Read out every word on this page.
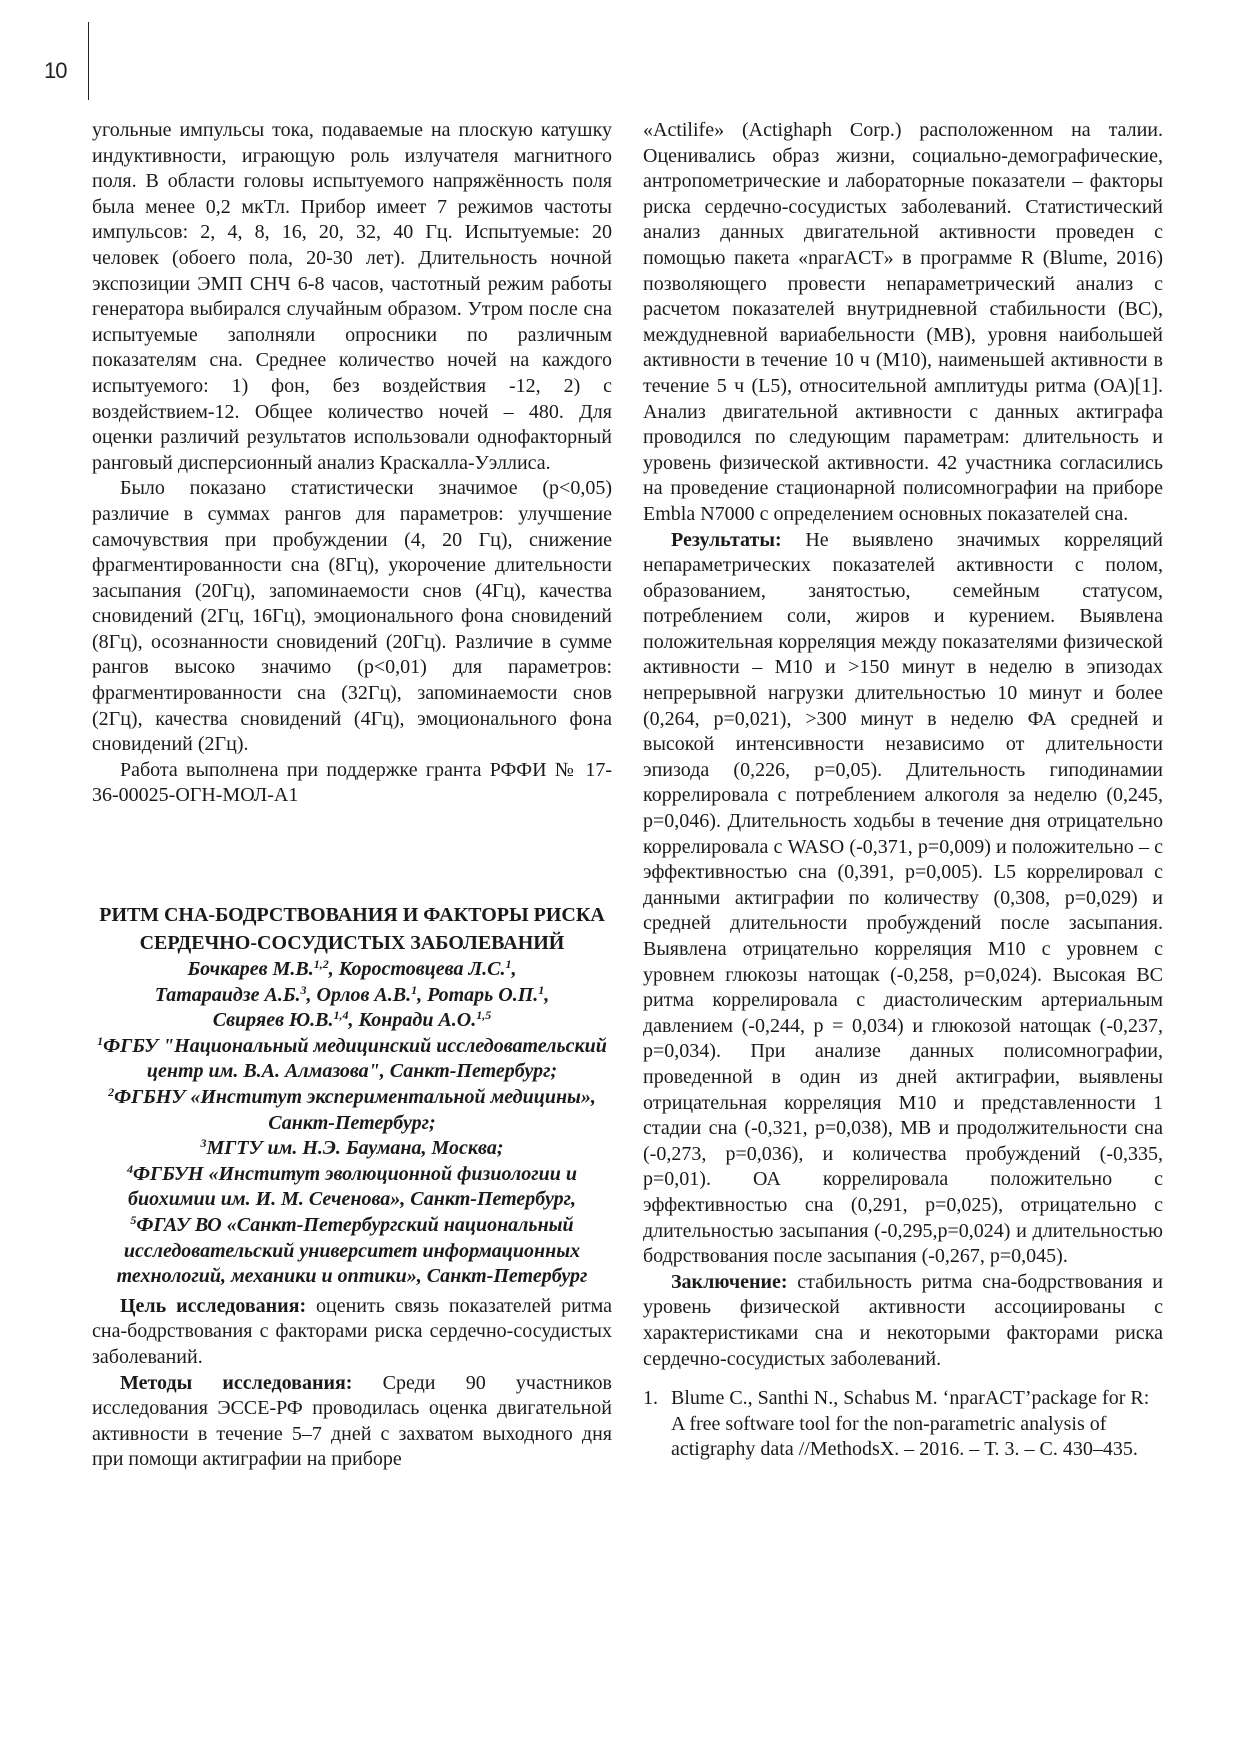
10

угольные импульсы тока, подаваемые на плоскую катушку индуктивности, играющую роль излучателя магнитного поля. В области головы испытуемого напряжённость поля была менее 0,2 мкТл. Прибор имеет 7 режимов частоты импульсов: 2, 4, 8, 16, 20, 32, 40 Гц. Испытуемые: 20 человек (обоего пола, 20-30 лет). Длительность ночной экспозиции ЭМП СНЧ 6-8 часов, частотный режим работы генератора выбирался случайным образом. Утром после сна испытуемые заполняли опросники по различным показателям сна. Среднее количество ночей на каждого испытуемого: 1) фон, без воздействия -12, 2) с воздействием-12. Общее количество ночей – 480. Для оценки различий результатов использовали однофакторный ранговый дисперсионный анализ Краскалла-Уэллиса.

Было показано статистически значимое (p<0,05) различие в суммах рангов для параметров: улучшение самочувствия при пробуждении (4, 20 Гц), снижение фрагментированности сна (8Гц), укорочение длительности засыпания (20Гц), запоминаемости снов (4Гц), качества сновидений (2Гц, 16Гц), эмоционального фона сновидений (8Гц), осознанности сновидений (20Гц). Различие в сумме рангов высоко значимо (p<0,01) для параметров: фрагментированности сна (32Гц), запоминаемости снов (2Гц), качества сновидений (4Гц), эмоционального фона сновидений (2Гц).

Работа выполнена при поддержке гранта РФФИ № 17-36-00025-ОГН-МОЛ-А1

РИТМ СНА-БОДРСТВОВАНИЯ И ФАКТОРЫ РИСКА СЕРДЕЧНО-СОСУДИСТЫХ ЗАБОЛЕВАНИЙ
Бочкарев М.В.$^{1,2}$, Коростовцева Л.С.$^1$,
Татараидзе А.Б.$^3$, Орлов А.В.$^1$, Ротарь О.П.$^1$,
Свиряев Ю.В.$^{1,4}$, Конради А.О.$^{1,5}$
$^1$ФГБУ "Национальный медицинский исследовательский центр им. В.А. Алмазова", Санкт-Петербург;
$^2$ФГБНУ «Институт экспериментальной медицины», Санкт-Петербург;
$^3$МГТУ им. Н.Э. Баумана, Москва;
$^4$ФГБУН «Институт эволюционной физиологии и биохимии им. И. М. Сеченова», Санкт-Петербург,
$^5$ФГАУ ВО «Санкт-Петербургский национальный исследовательский университет информационных технологий, механики и оптики», Санкт-Петербург

Цель исследования: оценить связь показателей ритма сна-бодрствования с факторами риска сердечно-сосудистых заболеваний.

Методы исследования: Среди 90 участников исследования ЭССЕ-РФ проводилась оценка двигательной активности в течение 5–7 дней с захватом выходного дня при помощи актиграфии на приборе

«Actilife» (Actighaph Corp.) расположенном на талии. Оценивались образ жизни, социально-демографические, антропометрические и лабораторные показатели – факторы риска сердечно-сосудистых заболеваний. Статистический анализ данных двигательной активности проведен с помощью пакета «nparACT» в программе R (Blume, 2016) позволяющего провести непараметрический анализ с расчетом показателей внутридневной стабильности (ВС), междудневной вариабельности (МВ), уровня наибольшей активности в течение 10 ч (М10), наименьшей активности в течение 5 ч (L5), относительной амплитуды ритма (ОА)[1]. Анализ двигательной активности с данных актиграфа проводился по следующим параметрам: длительность и уровень физической активности. 42 участника согласились на проведение стационарной полисомнографии на приборе Embla N7000 с определением основных показателей сна.

Результаты: Не выявлено значимых корреляций непараметрических показателей активности с полом, образованием, занятостью, семейным статусом, потреблением соли, жиров и курением. Выявлена положительная корреляция между показателями физической активности – М10 и >150 минут в неделю в эпизодах непрерывной нагрузки длительностью 10 минут и более (0,264, p=0,021), >300 минут в неделю ФА средней и высокой интенсивности независимо от длительности эпизода (0,226, p=0,05). Длительность гиподинамии коррелировала с потреблением алкоголя за неделю (0,245, p=0,046). Длительность ходьбы в течение дня отрицательно коррелировала с WASO (-0,371, p=0,009) и положительно – с эффективностью сна (0,391, p=0,005). L5 коррелировал с данными актиграфии по количеству (0,308, p=0,029) и средней длительности пробуждений после засыпания. Выявлена отрицательно корреляция М10 с уровнем с уровнем глюкозы натощак (-0,258, p=0,024). Высокая ВС ритма коррелировала с диастолическим артериальным давлением (-0,244, p = 0,034) и глюкозой натощак (-0,237, p=0,034). При анализе данных полисомнографии, проведенной в один из дней актиграфии, выявлены отрицательная корреляция М10 и представленности 1 стадии сна (-0,321, p=0,038), МВ и продолжительности сна (-0,273, p=0,036), и количества пробуждений (-0,335, p=0,01). ОА коррелировала положительно с эффективностью сна (0,291, p=0,025), отрицательно с длительностью засыпания (-0,295,p=0,024) и длительностью бодрствования после засыпания (-0,267, p=0,045).

Заключение: стабильность ритма сна-бодрствования и уровень физической активности ассоциированы с характеристиками сна и некоторыми факторами риска сердечно-сосудистых заболеваний.

1. Blume C., Santhi N., Schabus M. ‘nparACT’package for R: A free software tool for the non-parametric analysis of actigraphy data //MethodsX. – 2016. – Т. 3. – С. 430–435.
